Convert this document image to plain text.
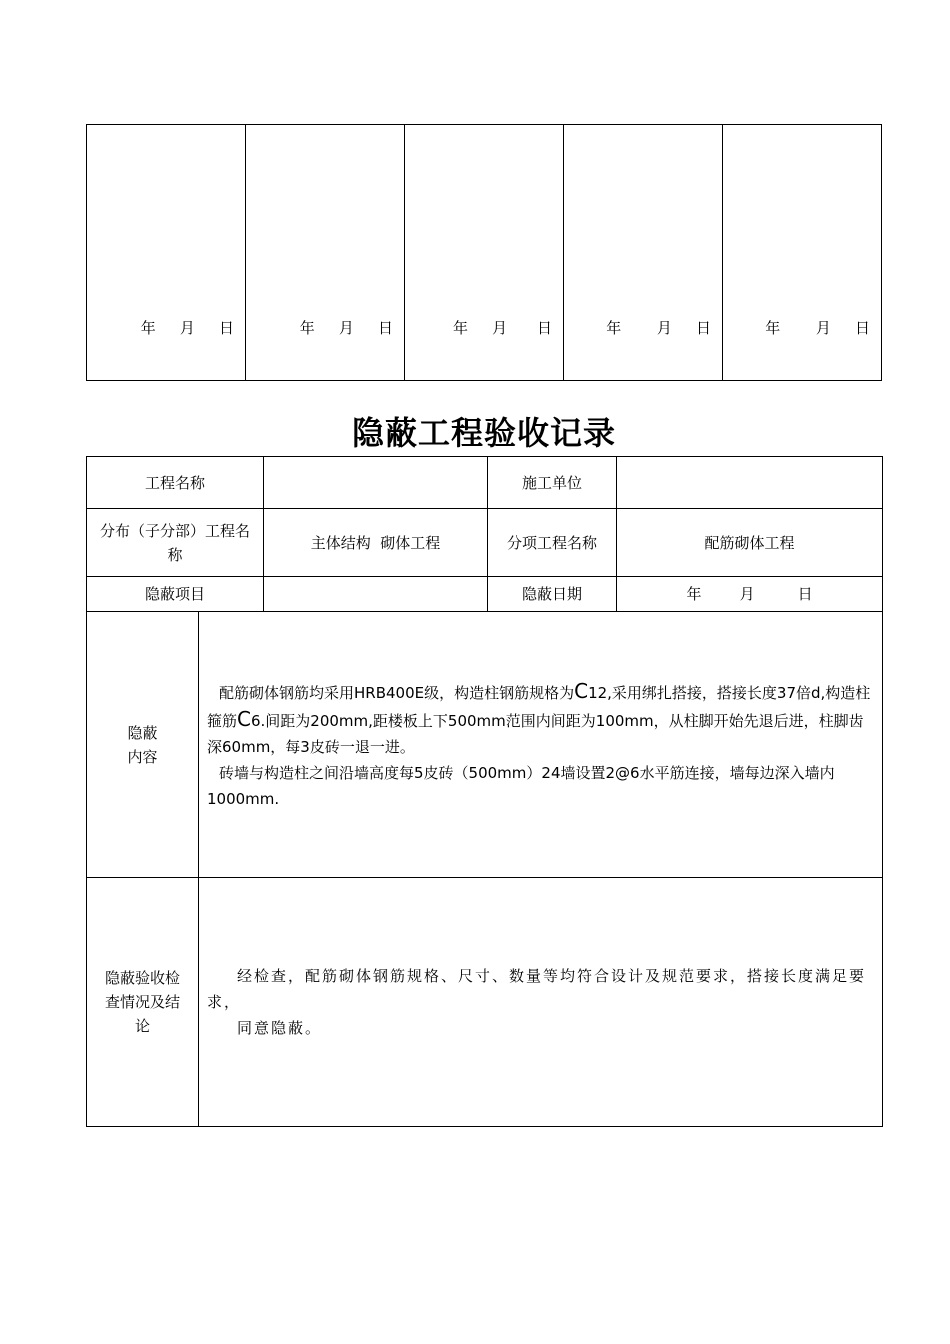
年 月 日	年 月 日	年 月 日	年 月 日	年 月 日
隐蔽工程验收记录
工程名称			施工单位	
分布（子分部）工程名称		主体结构  砌体工程	分项工程名称	配筋砌体工程
隐蔽项目			隐蔽日期	年 月 日

隐蔽内容	配筋砌体钢筋均采用HRB400E级，构造柱钢筋规格为C12,采用绑扎搭接，搭接长度37倍d,构造柱箍筋C6.间距为200mm,距楼板上下500mm范围内间距为100mm，从柱脚开始先退后进，柱脚齿深60mm，每3皮砖一退一进。

砖墙与构造柱之间沿墙高度每5皮砖（500mm）24墙设置2@6水平筋连接，墙每边深入墙内1000mm.			

隐蔽验收检查情况及结论	经检查，配筋砌体钢筋规格、尺寸、数量等均符合设计及规范要求，搭接长度满足要求，

同意隐蔽。			
